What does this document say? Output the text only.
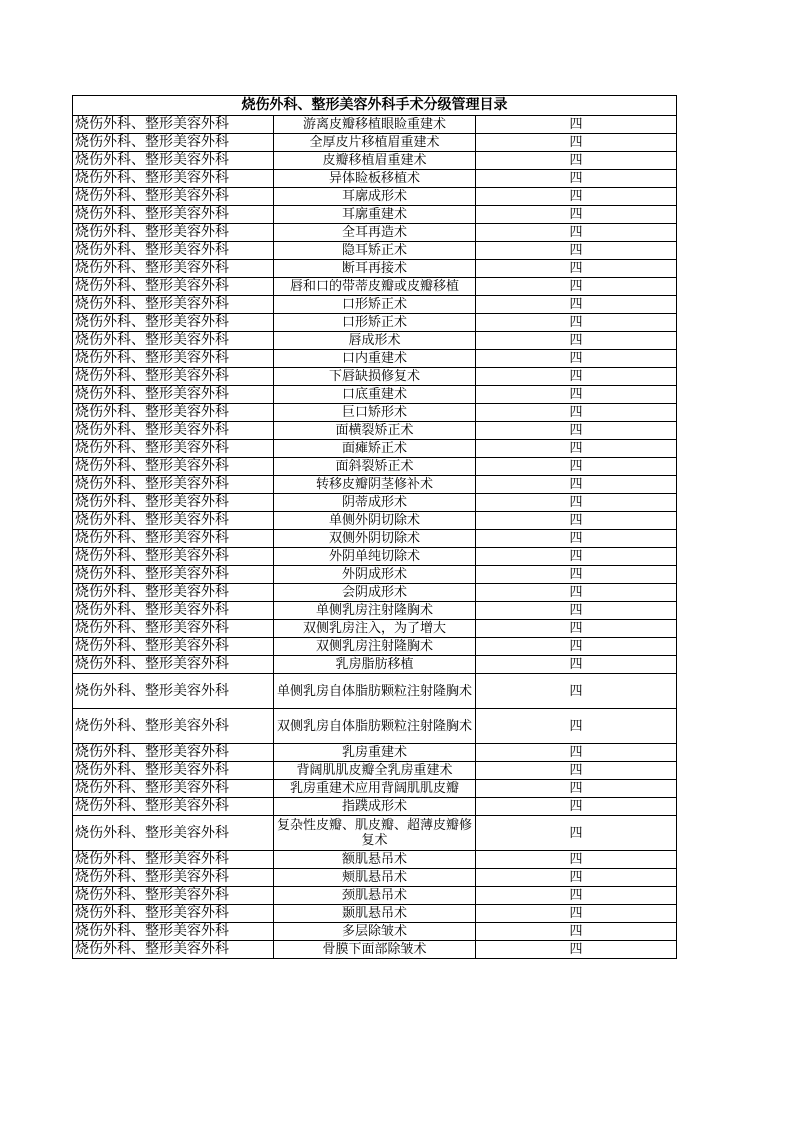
烧伤外科、整形美容外科手术分级管理目录		
烧伤外科、整形美容外科	游离皮瓣移植眼睑重建术	四
烧伤外科、整形美容外科	全厚皮片移植眉重建术	四
烧伤外科、整形美容外科	皮瓣移植眉重建术	四
烧伤外科、整形美容外科	异体睑板移植术	四
烧伤外科、整形美容外科	耳廓成形术	四
烧伤外科、整形美容外科	耳廓重建术	四
烧伤外科、整形美容外科	全耳再造术	四
烧伤外科、整形美容外科	隐耳矫正术	四
烧伤外科、整形美容外科	断耳再接术	四
烧伤外科、整形美容外科	唇和口的带蒂皮瓣或皮瓣移植	四
烧伤外科、整形美容外科	口形矫正术	四
烧伤外科、整形美容外科	口形矫正术	四
烧伤外科、整形美容外科	唇成形术	四
烧伤外科、整形美容外科	口内重建术	四
烧伤外科、整形美容外科	下唇缺损修复术	四
烧伤外科、整形美容外科	口底重建术	四
烧伤外科、整形美容外科	巨口矫形术	四
烧伤外科、整形美容外科	面横裂矫正术	四
烧伤外科、整形美容外科	面瘫矫正术	四
烧伤外科、整形美容外科	面斜裂矫正术	四
烧伤外科、整形美容外科	转移皮瓣阴茎修补术	四
烧伤外科、整形美容外科	阴蒂成形术	四
烧伤外科、整形美容外科	单侧外阴切除术	四
烧伤外科、整形美容外科	双侧外阴切除术	四
烧伤外科、整形美容外科	外阴单纯切除术	四
烧伤外科、整形美容外科	外阴成形术	四
烧伤外科、整形美容外科	会阴成形术	四
烧伤外科、整形美容外科	单侧乳房注射隆胸术	四
烧伤外科、整形美容外科	双侧乳房注入，为了增大	四
烧伤外科、整形美容外科	双侧乳房注射隆胸术	四
烧伤外科、整形美容外科	乳房脂肪移植	四
烧伤外科、整形美容外科	单侧乳房自体脂肪颗粒注射隆胸术	四
烧伤外科、整形美容外科	双侧乳房自体脂肪颗粒注射隆胸术	四
烧伤外科、整形美容外科	乳房重建术	四
烧伤外科、整形美容外科	背阔肌肌皮瓣全乳房重建术	四
烧伤外科、整形美容外科	乳房重建术应用背阔肌肌皮瓣	四
烧伤外科、整形美容外科	指蹼成形术	四
烧伤外科、整形美容外科	复杂性皮瓣、肌皮瓣、超薄皮瓣修复术	四
烧伤外科、整形美容外科	额肌悬吊术	四
烧伤外科、整形美容外科	颊肌悬吊术	四
烧伤外科、整形美容外科	颈肌悬吊术	四
烧伤外科、整形美容外科	颞肌悬吊术	四
烧伤外科、整形美容外科	多层除皱术	四
烧伤外科、整形美容外科	骨膜下面部除皱术	四
